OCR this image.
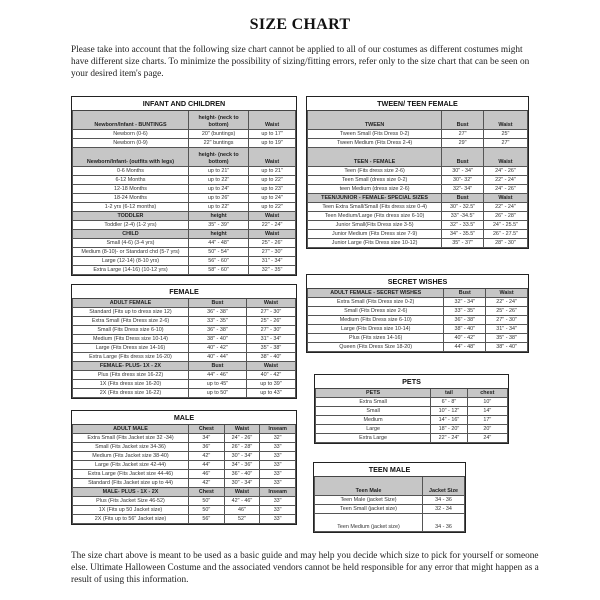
SIZE CHART
Please take into account that the following size chart cannot be applied to all of our costumes as different costumes might have different size charts. To minimize the possibility of sizing/fitting errors, refer only to the size chart that can be seen on your desired item's page.
INFANT AND CHILDREN		
Newborn/Infant - BUNTINGS	height- (neck to bottom)	Waist
Newborn (0-6)	20" (buntings)	up to 17"
Newborn (0-9)	22" buntings	up to 19"
Newborn/Infant- (outfits with legs)	height- (neck to bottom)	Waist
0-6 Months	up to 21"	up to 21"
6-12 Months	up to 22"	up to 22"
12-18 Months	up to 24"	up to 23"
18-24 Months	up to 26"	up to 24"
1-2 yrs (6-12 months)	up to 22"	up to 22"
TODDLER	height	Waist
Toddler (2-4) (1-2 yrs)	35" - 39"	22" - 24"
CHILD	height	Waist
Small (4-6) (3-4 yrs)	44" - 48"	25" - 26"
Medium (8-10)- or Standard chd (5-7 yrs)	50" - 54"	27" - 30"
Large (12-14) (8-10 yrs)	56" - 60"	31" - 34"
Extra Large (14-16) (10-12 yrs)	58" - 60"	32" - 35"
TWEEN/ TEEN FEMALE		
TWEEN	Bust	Waist
Tween Small (Fits Dress 0-2)	27"	25"
Tween Medium (Fits Dress 2-4)	29"	27"
TEEN - FEMALE	Bust	Waist
Teen (Fits dress size 2-6)	30" - 34"	24" - 26"
Teen Small (dress size 0-2)	30"- 32"	22" - 24"
teen Medium (dress size 2-6)	32"- 34"	24" - 26"
TEEN/JUNIOR - FEMALE- SPECIAL SIZES	Bust	Waist
Teen Extra Small/Small (Fits dress size 0-4)	30" - 32.5"	22" - 24"
Teen Medium/Large (Fits dress size 6-10)	33" -34.5"	26" - 28"
Junior Small(Fits Dress size 3-5)	32" - 33.5"	24" - 25.5"
Junior Medium (Fits Dress size 7-9)	34" - 35.5"	26" - 27.5"
Junior Large (Fits Dress size 10-12)	35" - 37"	28" - 30"
FEMALE		
ADULT FEMALE	Bust	Waist
Standard (Fits up to dress size 12)	36" - 38"	27" - 30"
Extra Small (Fits Dress size 2-6)	33" - 35"	25" - 26"
Small (Fits Dress size 6-10)	36" - 38"	27" - 30"
Medium (Fits Dress size 10-14)	38" - 40"	31" - 34"
Large (Fits Dress size 14-16)	40" - 42"	35" - 38"
Extra Large (Fits dress size 16-20)	40" - 44"	38" - 40"
FEMALE- PLUS- 1X - 2X	Bust	Waist
Plus (Fits dress size 16-22)	44" - 46"	40" - 42"
1X (Fits dress size 16-20)	up to 45"	up to 39"
2X (Fits dress size 16-22)	up to 50"	up to 43"
SECRET WISHES		
ADULT FEMALE - SECRET WISHES	Bust	Waist
Extra Small (Fits Dress size 0-2)	32" - 34"	22" - 24"
Small (Fits Dress size 2-6)	33" - 35"	25" - 26"
Medium (Fits Dress size 6-10)	36" - 38"	27" - 30"
Large (Fits Dress size 10-14)	38" - 40"	31" - 34"
Plus (Fits sizes 14-16)	40" - 42"	35" - 38"
Queen (Fits Dress Size 18-20)	44" - 48"	38" - 40"
PETS		
PETS	tail	chest
Extra Small	6" - 8"	10"
Small	10" - 12"	14"
Medium	14" - 16"	17"
Large	18" - 20"	20"
Extra Large	22" - 24"	24"
MALE			
ADULT MALE	Chest	Waist	Inseam
Extra Small (Fits Jacket size 32 -34)	34"	24" - 26"	32"
Small (Fits Jacket size 34-36)	36"	26" - 28"	33"
Medium (Fits Jacket size 38-40)	42"	30" - 34"	33"
Large (Fits Jacket size 42-44)	44"	34" - 36"	33"
Extra Large (Fits Jacket size 44-46)	46"	36" - 40"	33"
Standard (Fits Jacket size up to 44)	42"	30" - 34"	33"
MALE- PLUS - 1X - 2X	Chest	Waist	Inseam
Plus (Fits Jacket Size 46-52)	50"	42" - 46"	33"
1X (Fits up 50 Jacket size)	50"	46"	33"
2X (Fits up to 56" Jacket size)	56"	52"	33"
TEEN MALE	
Teen Male	Jacket Size
Teen Male (jacket Size)	34 - 36
Teen Small (jacket size)	32 - 34
Teen Medium (jacket size)	34 - 36
The size chart above is meant to be used as a basic guide and may help you decide which size to pick for yourself or someone else. Ultimate Halloween Costume and the associated vendors cannot be held responsible for any error that might happen as a result of using this information.
